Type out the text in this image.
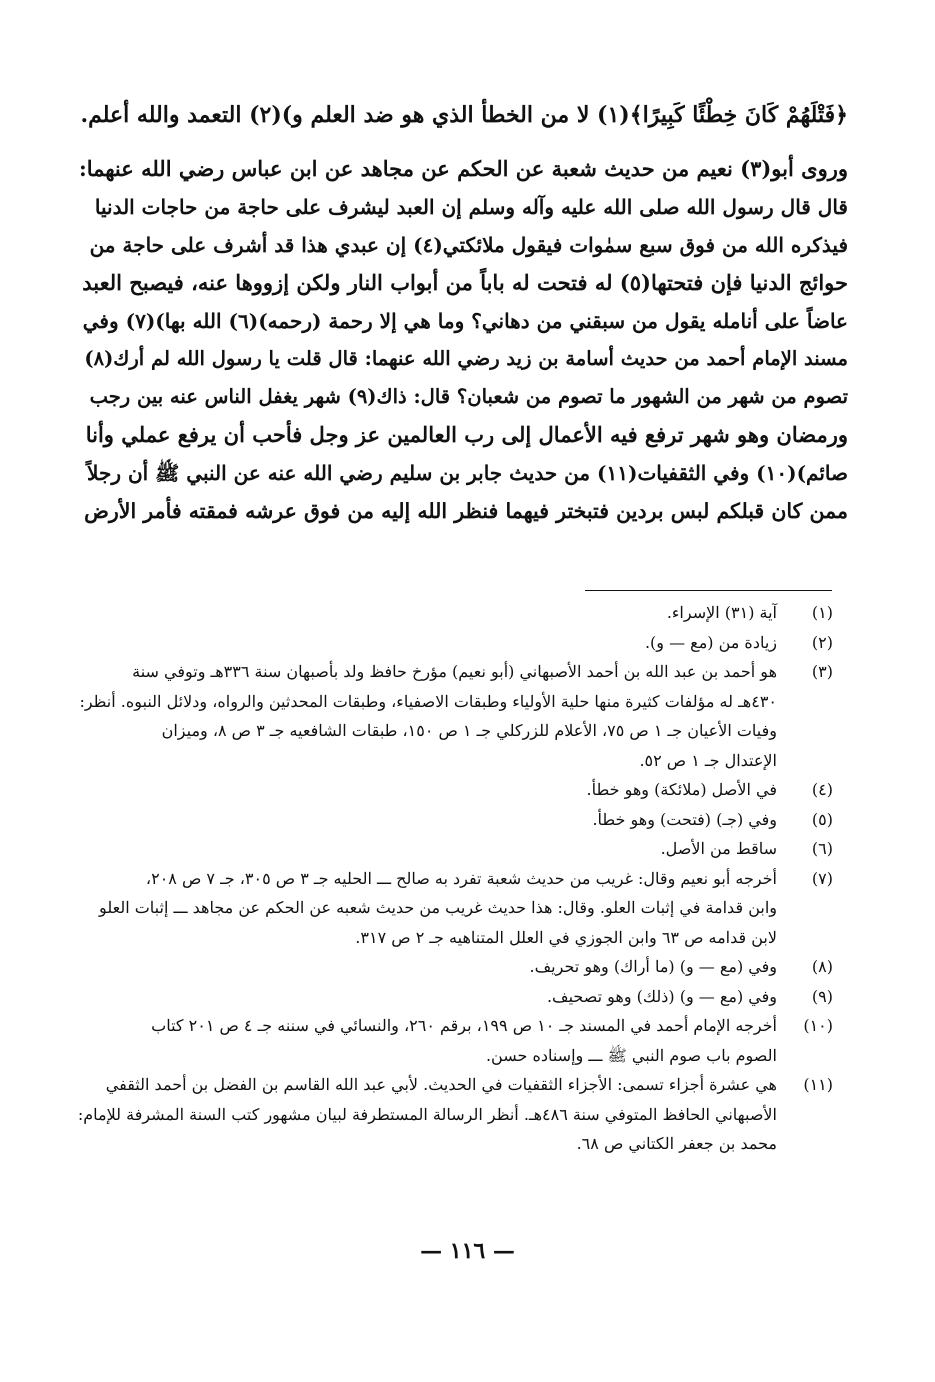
﴿فَتْلَهُمْ كَانَ خِطْئًا كَبِيرًا﴾(١) لا من الخطأ الذي هو ضد العلم و)(٢) التعمد والله أعلم.

وروى أبو(٣) نعيم من حديث شعبة عن الحكم عن مجاهد عن ابن عباس رضي الله عنهما:

قال قال رسول الله صلى الله عليه وآله وسلم إن العبد ليشرف على حاجة من حاجات الدنيا

فيذكره الله من فوق سبع سمٰوات فيقول ملائكتي(٤) إن عبدي هذا قد أشرف على حاجة من

حوائج الدنيا فإن فتحتها(٥) له فتحت له باباً من أبواب النار ولكن إزووها عنه، فيصبح العبد

عاضاً على أنامله يقول من سبقني من دهاني؟ وما هي إلا رحمة (رحمه)(٦) الله بها)(٧) وفي

مسند الإمام أحمد من حديث أسامة بن زيد رضي الله عنهما: قال قلت يا رسول الله لم أرك(٨)

تصوم من شهر من الشهور ما تصوم من شعبان؟ قال: ذاك(٩) شهر يغفل الناس عنه بين رجب

ورمضان وهو شهر ترفع فيه الأعمال إلى رب العالمين عز وجل فأحب أن يرفع عملي وأنا

صائم)(١٠) وفي الثقفيات(١١) من حديث جابر بن سليم رضي الله عنه عن النبي ﷺ أن رجلاً

ممن كان قبلكم لبس بردين فتبختر فيهما فنظر الله إليه من فوق عرشه فمقته فأمر الأرض

(١)
آية (٣١) الإسراء.
(٢)
زيادة من (مع — و).
(٣)
هو أحمد بن عبد الله بن أحمد الأصبهاني (أبو نعيم) مؤرخ حافظ ولد بأصبهان سنة ٣٣٦هـ وتوفي سنة
٤٣٠هـ له مؤلفات كثيرة منها حلية الأولياء وطبقات الاصفياء، وطبقات المحدثين والرواه، ودلائل النبوه. أنظر:
وفيات الأعيان جـ ١ ص ٧٥، الأعلام للزركلي جـ ١ ص ١٥٠، طبقات الشافعيه جـ ٣ ص ٨، وميزان
الإعتدال جـ ١ ص ٥٢.
(٤)
في الأصل (ملائكة) وهو خطأ.
(٥)
وفي (جـ) (فتحت) وهو خطأ.
(٦)
ساقط من الأصل.
(٧)
أخرجه أبو نعيم وقال: غريب من حديث شعبة تفرد به صالح ـــ الحليه جـ ٣ ص ٣٠٥، جـ ٧ ص ٢٠٨،
وابن قدامة في إثبات العلو. وقال: هذا حديث غريب من حديث شعبه عن الحكم عن مجاهد ـــ إثبات العلو
لابن قدامه ص ٦٣ وابن الجوزي في العلل المتناهيه جـ ٢ ص ٣١٧.
(٨)
وفي (مع — و) (ما أراك) وهو تحريف.
(٩)
وفي (مع — و) (ذلك) وهو تصحيف.
(١٠)
أخرجه الإمام أحمد في المسند جـ ١٠ ص ١٩٩، برقم ٢٦٠، والنسائي في سننه جـ ٤ ص ٢٠١ كتاب
الصوم باب صوم النبي ﷺ ـــ وإسناده حسن.
(١١)
هي عشرة أجزاء تسمى: الأجزاء الثقفيات في الحديث. لأبي عبد الله القاسم بن الفضل بن أحمد الثقفي
الأصبهاني الحافظ المتوفي سنة ٤٨٦هـ. أنظر الرسالة المستطرفة لبيان مشهور كتب السنة المشرفة للإمام:
محمد بن جعفر الكتاني ص ٦٨.
— ١١٦ —
